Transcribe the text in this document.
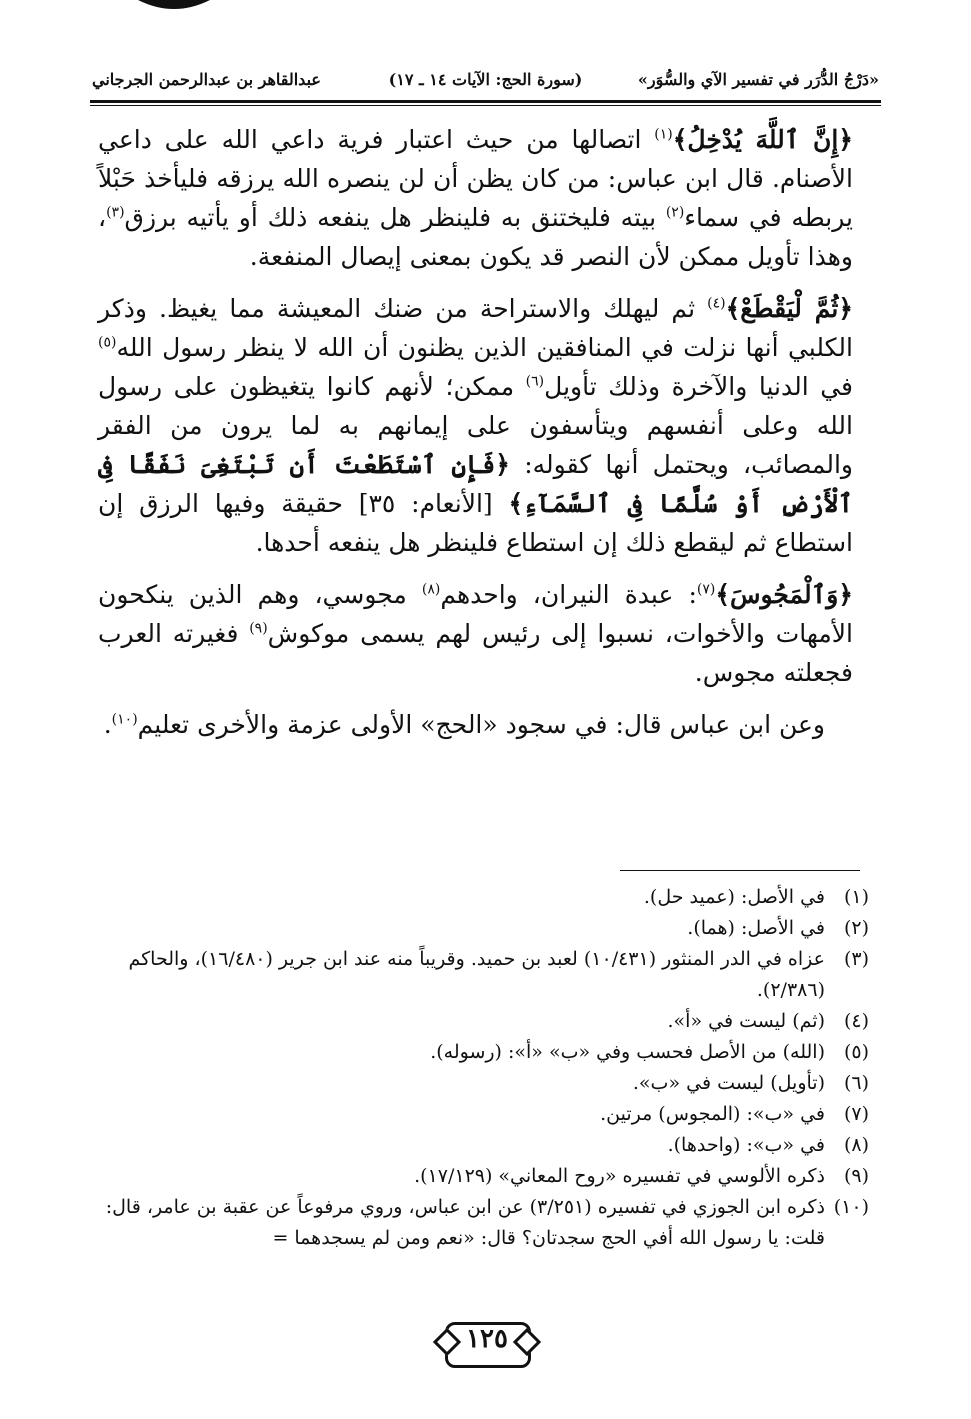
«دَرْجُ الدُّرَر في تفسير الآي والسُّوَر»
(سورة الحج: الآيات ١٤ ـ ١٧)
عبدالقاهر بن عبدالرحمن الجرجاني

﴿إِنَّ ٱللَّهَ يُدْخِلُ﴾$^{(١)}$ اتصالها من حيث اعتبار فرية داعي الله على داعي الأصنام. قال ابن عباس: من كان يظن أن لن ينصره الله يرزقه فليأخذ حَبْلاً يربطه في سماء$^{(٢)}$ بيته فليختنق به فلينظر هل ينفعه ذلك أو يأتيه برزق$^{(٣)}$، وهذا تأويل ممكن لأن النصر قد يكون بمعنى إيصال المنفعة.

﴿ثُمَّ لْيَقْطَعْ﴾$^{(٤)}$ ثم ليهلك والاستراحة من ضنك المعيشة مما يغيظ. وذكر الكلبي أنها نزلت في المنافقين الذين يظنون أن الله لا ينظر رسول الله$^{(٥)}$ في الدنيا والآخرة وذلك تأويل$^{(٦)}$ ممكن؛ لأنهم كانوا يتغيظون على رسول الله وعلى أنفسهم ويتأسفون على إيمانهم به لما يرون من الفقر والمصائب، ويحتمل أنها كقوله: ﴿فَإِنِ ٱسْتَطَعْتَ أَن تَبْتَغِىَ نَفَقًا فِى ٱلْأَرْضِ أَوْ سُلَّمًا فِى ٱلسَّمَآءِ﴾ [الأنعام: ٣٥] حقيقة وفيها الرزق إن استطاع ثم ليقطع ذلك إن استطاع فلينظر هل ينفعه أحدها.

﴿وَٱلْمَجُوسَ﴾$^{(٧)}$: عبدة النيران، واحدهم$^{(٨)}$ مجوسي، وهم الذين ينكحون الأمهات والأخوات، نسبوا إلى رئيس لهم يسمى موكوش$^{(٩)}$ فغيرته العرب فجعلته مجوس.

وعن ابن عباس قال: في سجود «الحج» الأولى عزمة والأخرى تعليم$^{(١٠)}$.

(١)
في الأصل: (عميد حل).

(٢)
في الأصل: (هما).

(٣)
عزاه في الدر المنثور (١٠/٤٣١) لعبد بن حميد. وقريباً منه عند ابن جرير (١٦/٤٨٠)، والحاكم (٢/٣٨٦).

(٤)
(ثم) ليست في «أ».

(٥)
(الله) من الأصل فحسب وفي «ب» «أ»: (رسوله).

(٦)
(تأويل) ليست في «ب».

(٧)
في «ب»: (المجوس) مرتين.

(٨)
في «ب»: (واحدها).

(٩)
ذكره الألوسي في تفسيره «روح المعاني» (١٧/١٢٩).

(١٠)
ذكره ابن الجوزي في تفسيره (٣/٢٥١) عن ابن عباس، وروي مرفوعاً عن عقبة بن عامر، قال: قلت: يا رسول الله أفي الحج سجدتان؟ قال: «نعم ومن لم يسجدهما =

١٢٥
